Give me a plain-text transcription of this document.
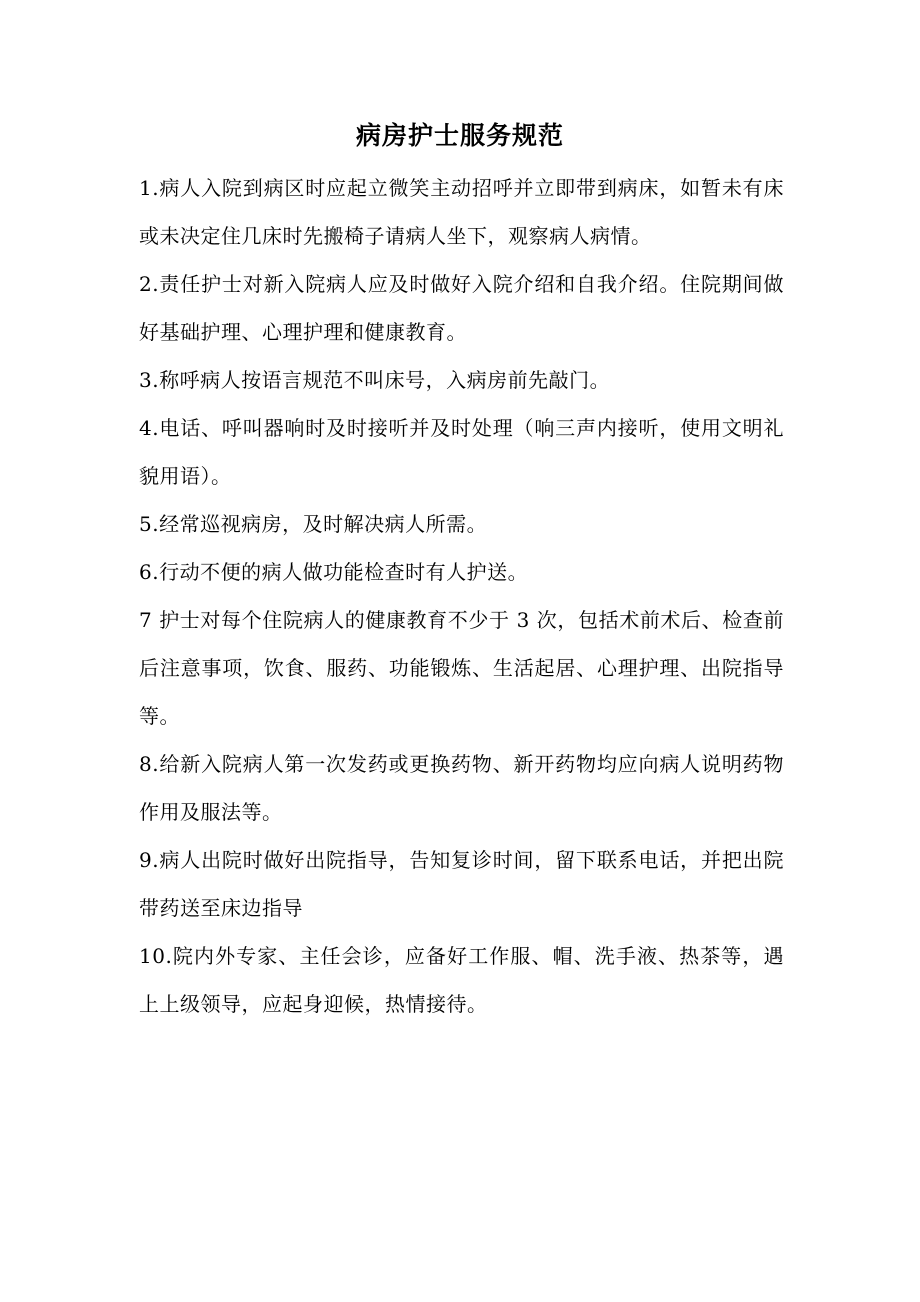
病房护士服务规范

1.病人入院到病区时应起立微笑主动招呼并立即带到病床，如暂未有床或未决定住几床时先搬椅子请病人坐下，观察病人病情。

2.责任护士对新入院病人应及时做好入院介绍和自我介绍。住院期间做好基础护理、心理护理和健康教育。

3.称呼病人按语言规范不叫床号，入病房前先敲门。

4.电话、呼叫器响时及时接听并及时处理（响三声内接听，使用文明礼貌用语）。

5.经常巡视病房，及时解决病人所需。

6.行动不便的病人做功能检查时有人护送。

7 护士对每个住院病人的健康教育不少于 3 次，包括术前术后、检查前后注意事项，饮食、服药、功能锻炼、生活起居、心理护理、出院指导等。

8.给新入院病人第一次发药或更换药物、新开药物均应向病人说明药物作用及服法等。

9.病人出院时做好出院指导，告知复诊时间，留下联系电话，并把出院带药送至床边指导

10.院内外专家、主任会诊，应备好工作服、帽、洗手液、热茶等，遇上上级领导，应起身迎候，热情接待。
